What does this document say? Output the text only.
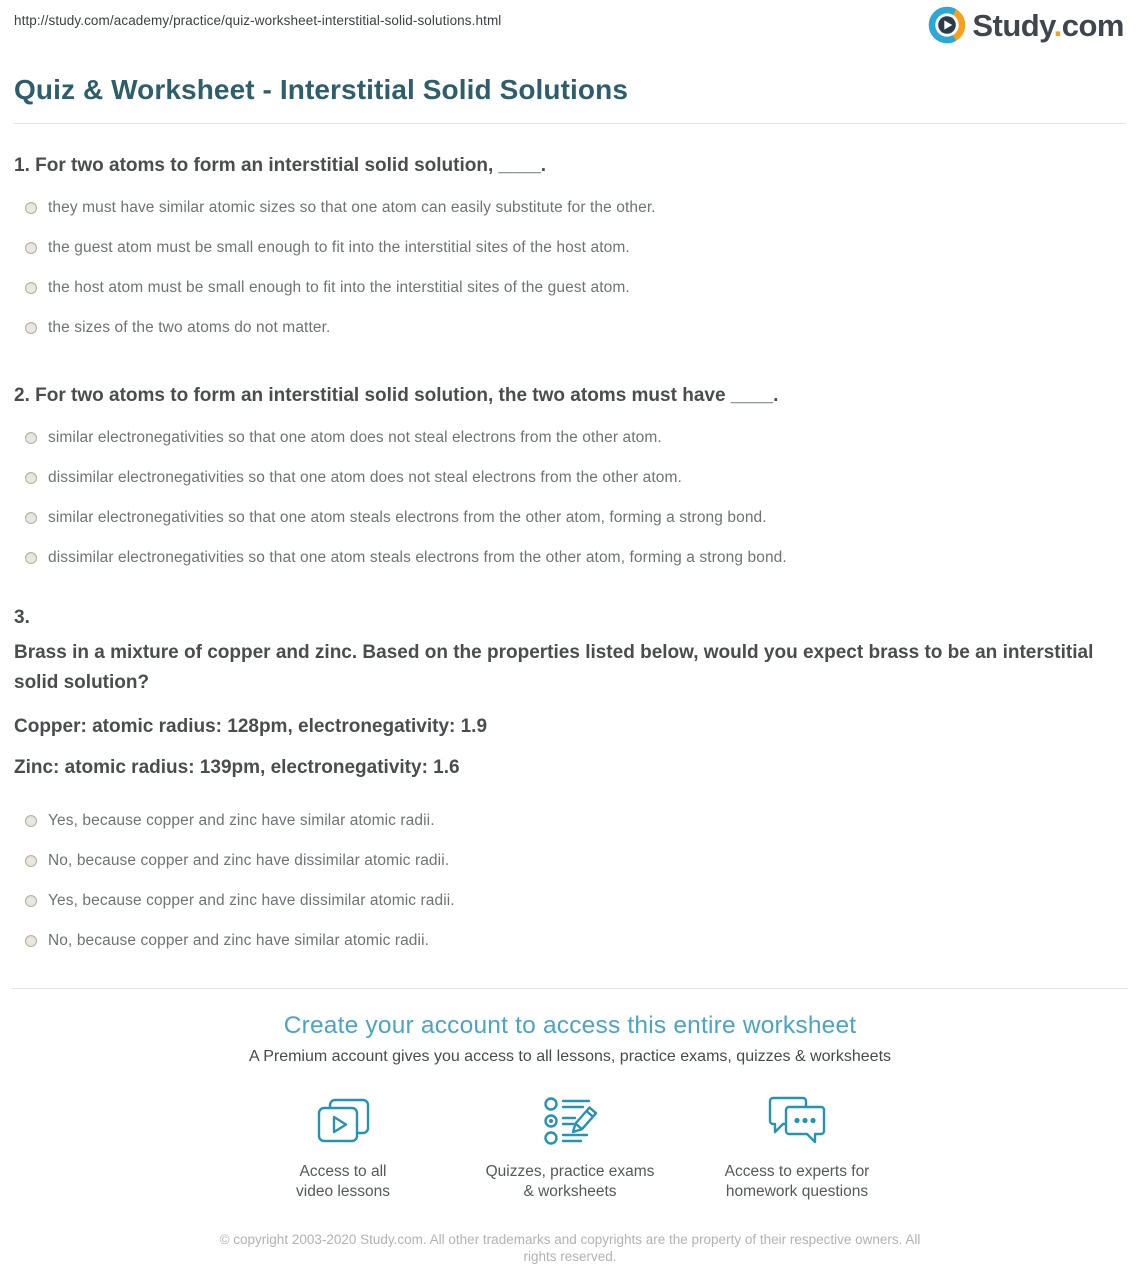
http://study.com/academy/practice/quiz-worksheet-interstitial-solid-solutions.html	Study.com
Quiz & Worksheet - Interstitial Solid Solutions
1. For two atoms to form an interstitial solid solution, ____.
they must have similar atomic sizes so that one atom can easily substitute for the other.
the guest atom must be small enough to fit into the interstitial sites of the host atom.
the host atom must be small enough to fit into the interstitial sites of the guest atom.
the sizes of the two atoms do not matter.
2. For two atoms to form an interstitial solid solution, the two atoms must have ____.
similar electronegativities so that one atom does not steal electrons from the other atom.
dissimilar electronegativities so that one atom does not steal electrons from the other atom.
similar electronegativities so that one atom steals electrons from the other atom, forming a strong bond.
dissimilar electronegativities so that one atom steals electrons from the other atom, forming a strong bond.
3.
Brass in a mixture of copper and zinc. Based on the properties listed below, would you expect brass to be an interstitial solid solution?
Copper: atomic radius: 128pm, electronegativity: 1.9
Zinc: atomic radius: 139pm, electronegativity: 1.6
Yes, because copper and zinc have similar atomic radii.
No, because copper and zinc have dissimilar atomic radii.
Yes, because copper and zinc have dissimilar atomic radii.
No, because copper and zinc have similar atomic radii.
Create your account to access this entire worksheet
A Premium account gives you access to all lessons, practice exams, quizzes & worksheets
Access to all
video lessons
Quizzes, practice exams
& worksheets
Access to experts for
homework questions
© copyright 2003-2020 Study.com. All other trademarks and copyrights are the property of their respective owners. All rights reserved.
